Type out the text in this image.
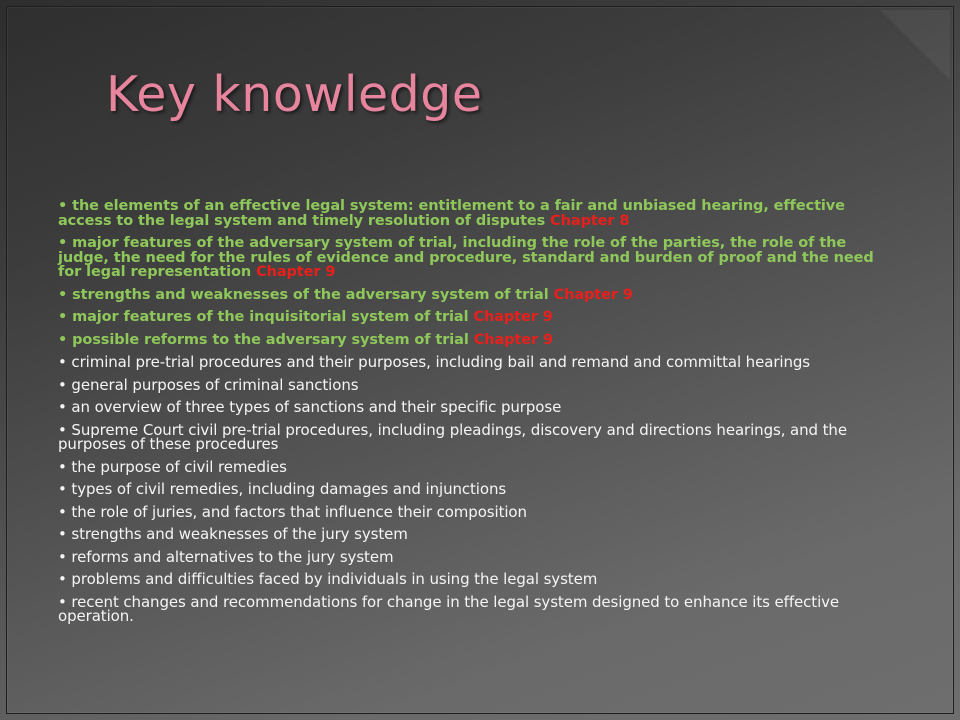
Key knowledge
• the elements of an effective legal system: entitlement to a fair and unbiased hearing, effective access to the legal system and timely resolution of disputes Chapter 8
• major features of the adversary system of trial, including the role of the parties, the role of the judge, the need for the rules of evidence and procedure, standard and burden of proof and the need for legal representation Chapter 9
• strengths and weaknesses of the adversary system of trial Chapter 9
• major features of the inquisitorial system of trial Chapter 9
• possible reforms to the adversary system of trial Chapter 9
• criminal pre-trial procedures and their purposes, including bail and remand and committal hearings
• general purposes of criminal sanctions
• an overview of three types of sanctions and their specific purpose
• Supreme Court civil pre-trial procedures, including pleadings, discovery and directions hearings, and the purposes of these procedures
• the purpose of civil remedies
• types of civil remedies, including damages and injunctions
• the role of juries, and factors that influence their composition
• strengths and weaknesses of the jury system
• reforms and alternatives to the jury system
• problems and difficulties faced by individuals in using the legal system
• recent changes and recommendations for change in the legal system designed to enhance its effective operation.
